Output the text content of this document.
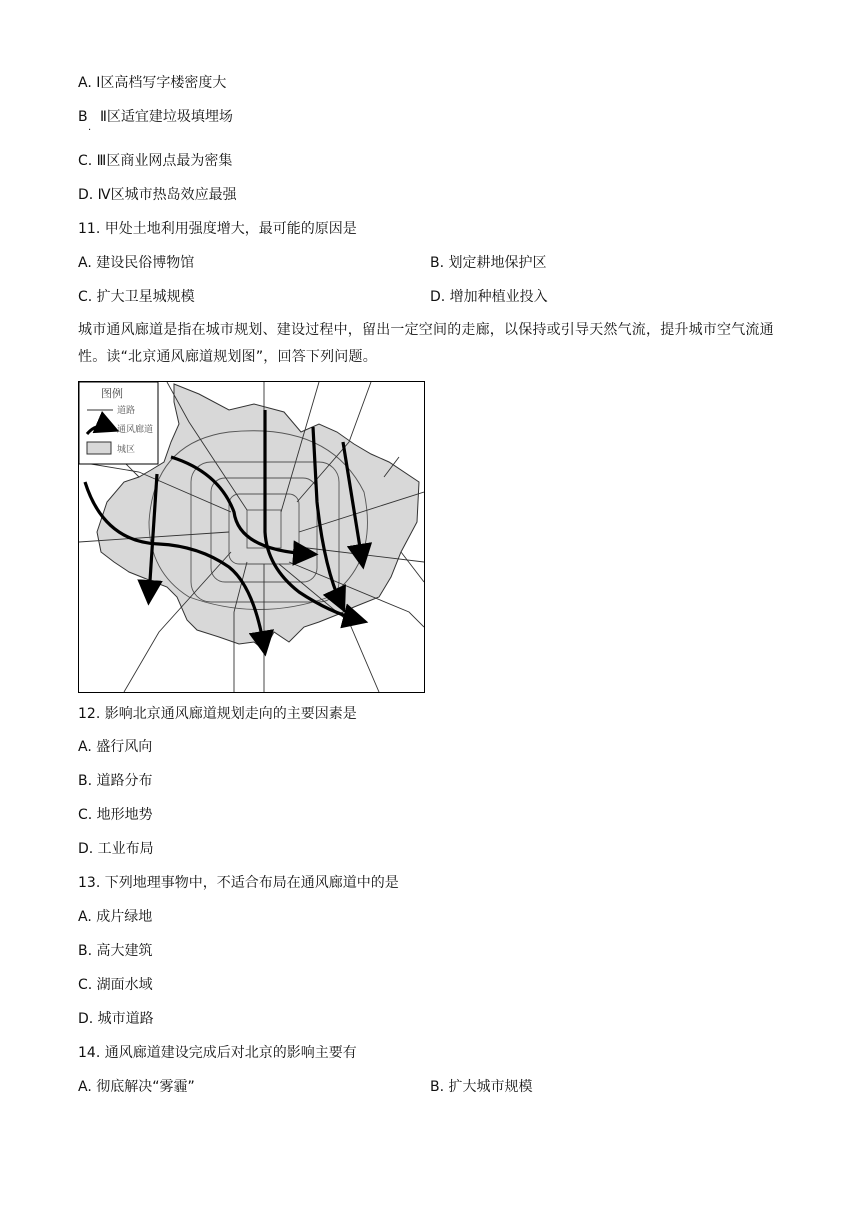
A. Ⅰ区高档写字楼密度大
B Ⅱ区适宜建垃圾填埋场
·
C. Ⅲ区商业网点最为密集
D. Ⅳ区城市热岛效应最强
11. 甲处土地利用强度增大，最可能的原因是
A. 建设民俗博物馆	B. 划定耕地保护区
C. 扩大卫星城规模	D. 增加种植业投入
城市通风廊道是指在城市规划、建设过程中，留出一定空间的走廊，以保持或引导天然气流，提升城市空气流通性。读“北京通风廊道规划图”，回答下列问题。
图例
道路
通风廊道
城区
12. 影响北京通风廊道规划走向的主要因素是
A. 盛行风向
B. 道路分布
C. 地形地势
D. 工业布局
13. 下列地理事物中，不适合布局在通风廊道中的是
A. 成片绿地
B. 高大建筑
C. 湖面水域
D. 城市道路
14. 通风廊道建设完成后对北京的影响主要有
A. 彻底解决“雾霾”	B. 扩大城市规模
